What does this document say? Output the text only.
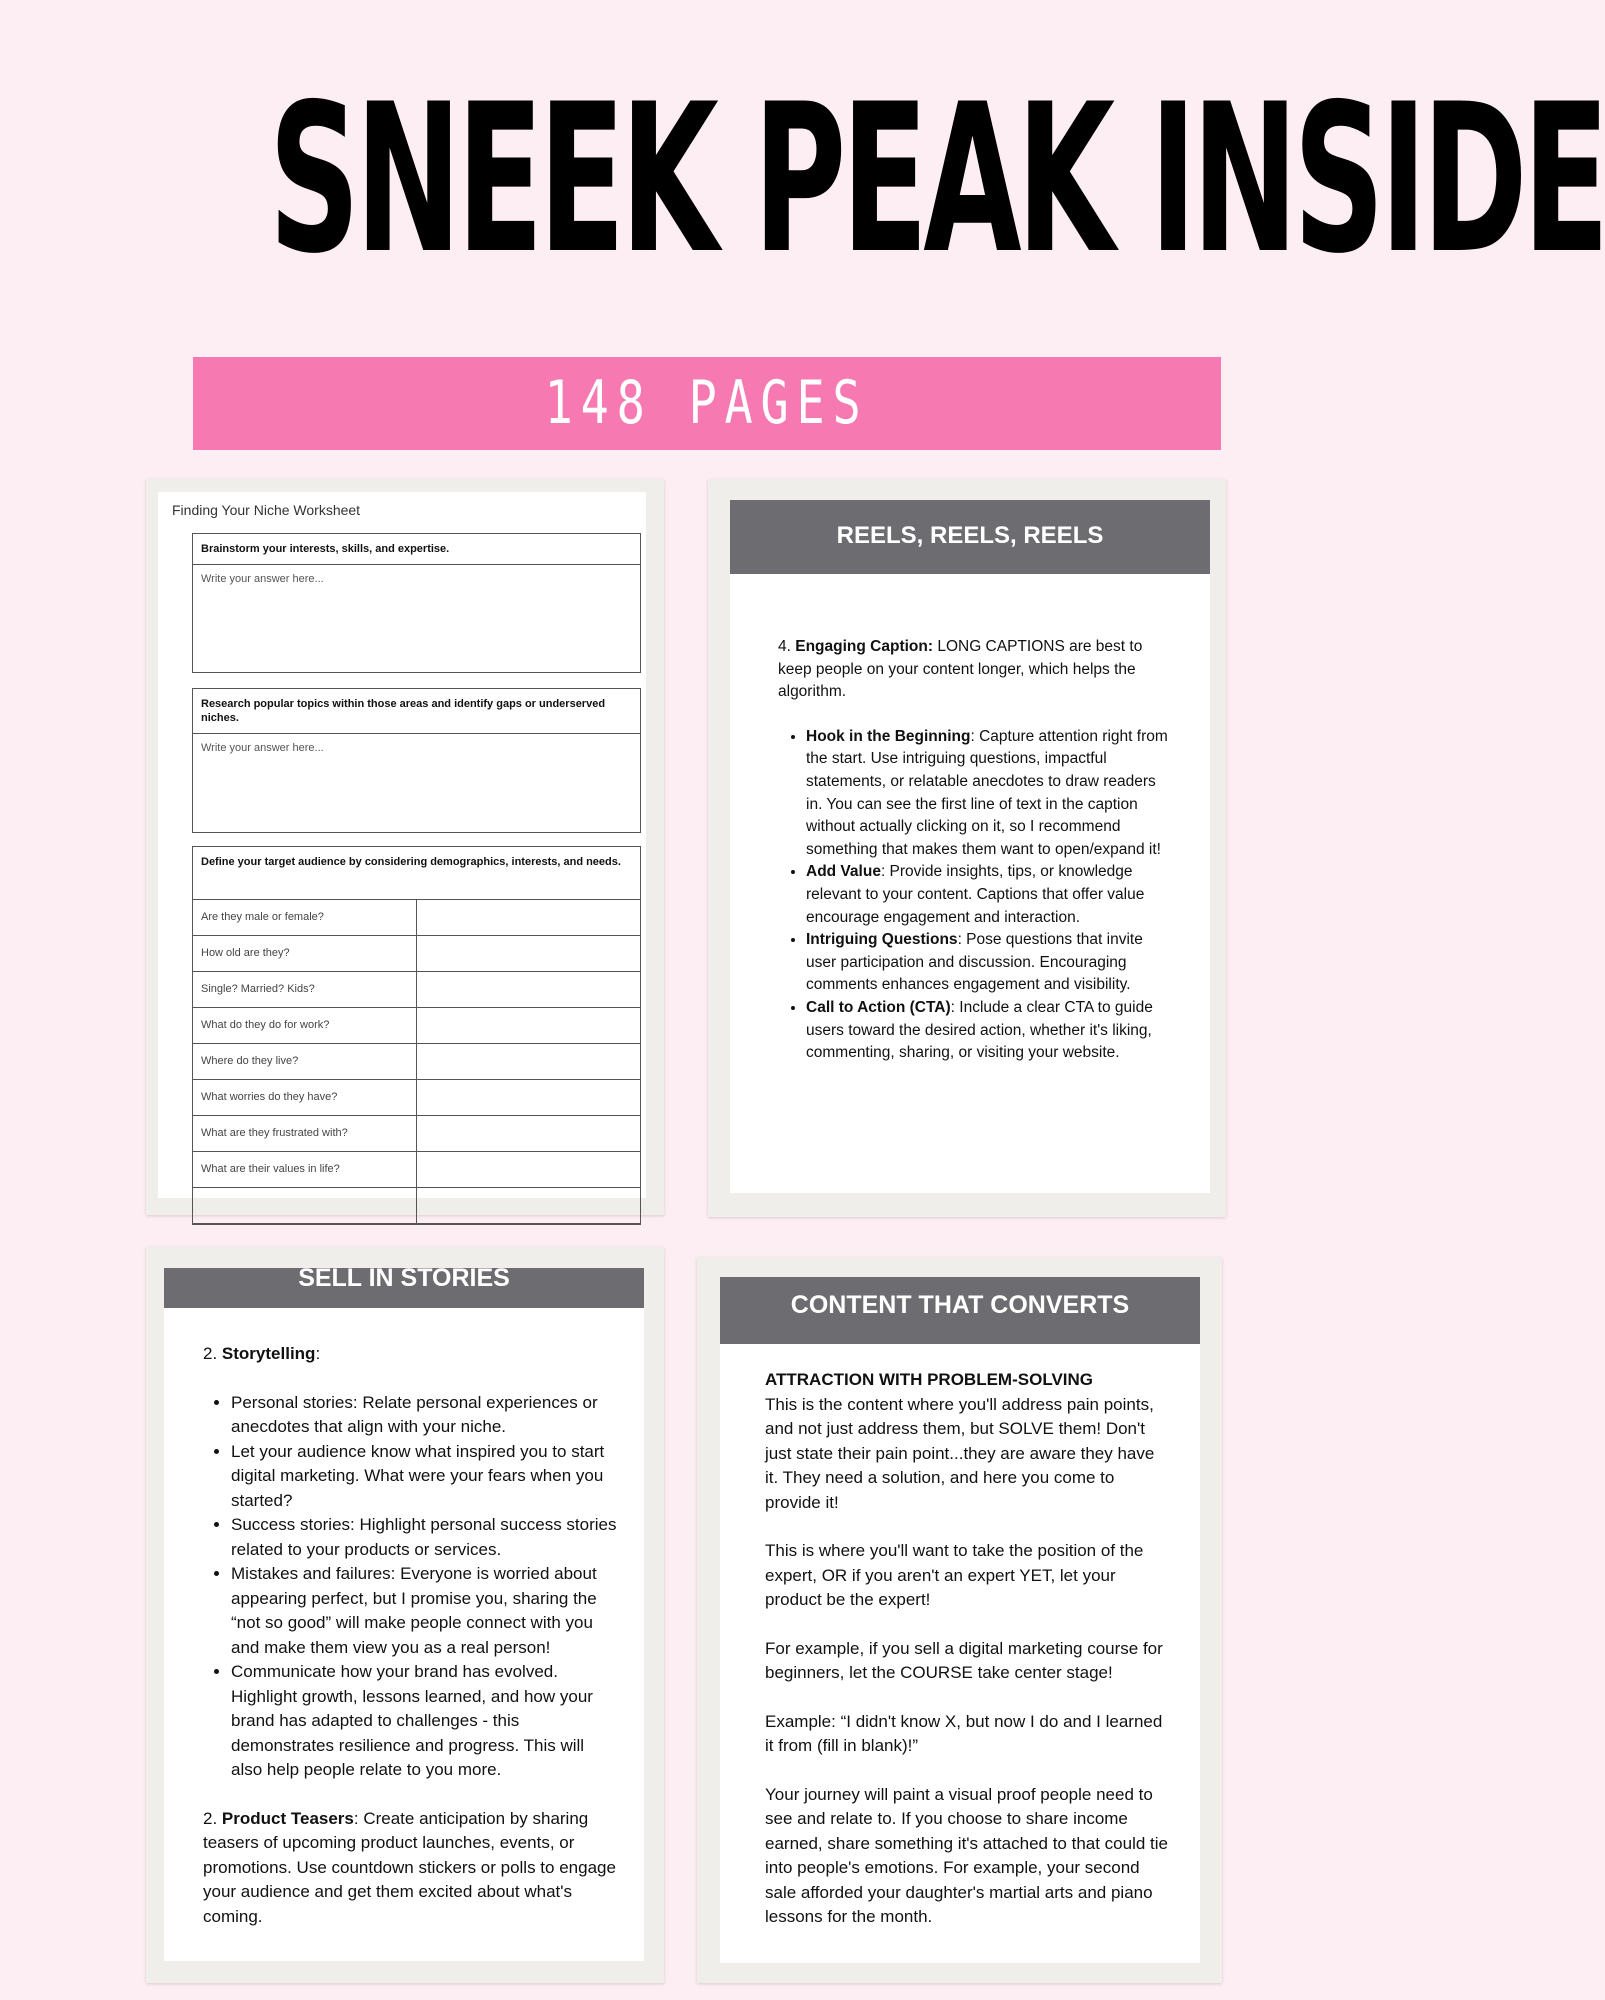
SNEEK PEAK INSIDE
148 PAGES
Finding Your Niche Worksheet
Brainstorm your interests, skills, and expertise.
Write your answer here...
Research popular topics within those areas and identify gaps or underserved niches.
Write your answer here...
Define your target audience by considering demographics, interests, and needs.
Are they male or female?
How old are they?
Single? Married? Kids?
What do they do for work?
Where do they live?
What worries do they have?
What are they frustrated with?
What are their values in life?
REELS, REELS, REELS

4. Engaging Caption: LONG CAPTIONS are best to keep people on your content longer, which helps the algorithm.

• Hook in the Beginning: Capture attention right from the start. Use intriguing questions, impactful statements, or relatable anecdotes to draw readers in. You can see the first line of text in the caption without actually clicking on it, so I recommend something that makes them want to open/expand it!
• Add Value: Provide insights, tips, or knowledge relevant to your content. Captions that offer value encourage engagement and interaction.
• Intriguing Questions: Pose questions that invite user participation and discussion. Encouraging comments enhances engagement and visibility.
• Call to Action (CTA): Include a clear CTA to guide users toward the desired action, whether it's liking, commenting, sharing, or visiting your website.
SELL IN STORIES

2. Storytelling:

• Personal stories: Relate personal experiences or anecdotes that align with your niche.
• Let your audience know what inspired you to start digital marketing. What were your fears when you started?
• Success stories: Highlight personal success stories related to your products or services.
• Mistakes and failures: Everyone is worried about appearing perfect, but I promise you, sharing the “not so good” will make people connect with you and make them view you as a real person!
• Communicate how your brand has evolved. Highlight growth, lessons learned, and how your brand has adapted to challenges - this demonstrates resilience and progress. This will also help people relate to you more.

2. Product Teasers: Create anticipation by sharing teasers of upcoming product launches, events, or promotions. Use countdown stickers or polls to engage your audience and get them excited about what's coming.

CONTENT THAT CONVERTS

ATTRACTION WITH PROBLEM-SOLVING

This is the content where you'll address pain points, and not just address them, but SOLVE them! Don't just state their pain point...they are aware they have it. They need a solution, and here you come to provide it!

This is where you'll want to take the position of the expert, OR if you aren't an expert YET, let your product be the expert!

For example, if you sell a digital marketing course for beginners, let the COURSE take center stage!

Example: “I didn't know X, but now I do and I learned it from (fill in blank)!”

Your journey will paint a visual proof people need to see and relate to. If you choose to share income earned, share something it's attached to that could tie into people's emotions. For example, your second sale afforded your daughter's martial arts and piano lessons for the month.
